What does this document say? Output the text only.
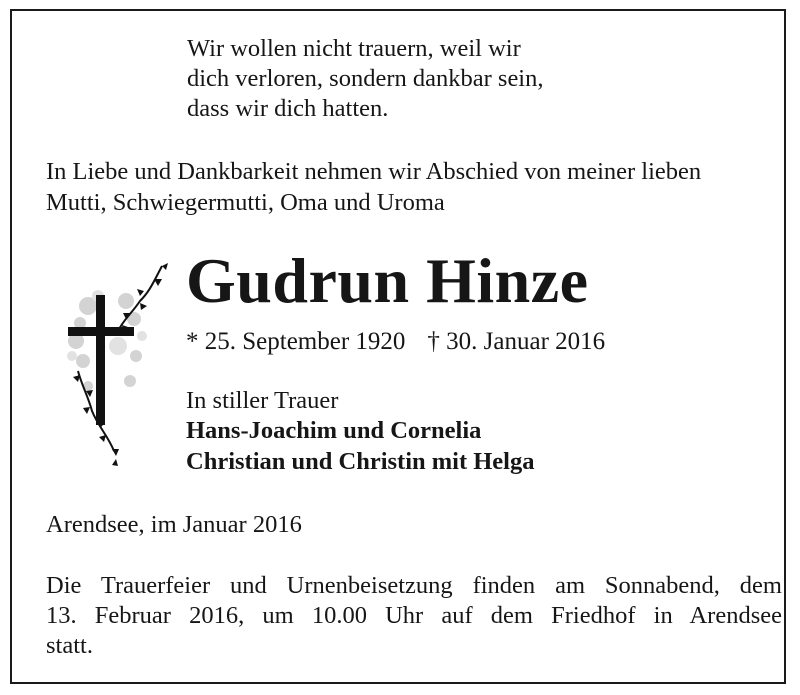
Wir wollen nicht trauern, weil wir
dich verloren, sondern dankbar sein,
dass wir dich hatten.
In Liebe und Dankbarkeit nehmen wir Abschied von meiner lieben
Mutti, Schwiegermutti, Oma und Uroma
Gudrun Hinze
* 25. September 1920 † 30. Januar 2016
In stiller Trauer
Hans-Joachim und Cornelia
Christian und Christin mit Helga
Arendsee, im Januar 2016
Die Trauerfeier und Urnenbeisetzung finden am Sonnabend, dem
13. Februar 2016, um 10.00 Uhr auf dem Friedhof in Arendsee
statt.
